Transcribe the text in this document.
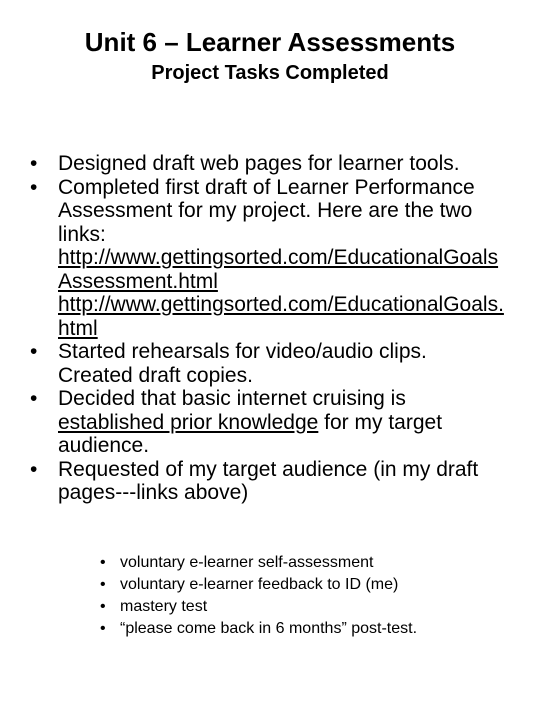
Unit 6 – Learner Assessments
Project Tasks Completed
• Designed draft web pages for learner tools.
• Completed first draft of Learner Performance Assessment for my project. Here are the two links:
http://www.gettingsorted.com/EducationalGoalsAssessment.html
http://www.gettingsorted.com/EducationalGoals.html
• Started rehearsals for video/audio clips. Created draft copies.
• Decided that basic internet cruising is established prior knowledge for my target audience.
• Requested of my target audience (in my draft pages---links above)
• voluntary e-learner self-assessment
• voluntary e-learner feedback to ID (me)
• mastery test
• “please come back in 6 months” post-test.
